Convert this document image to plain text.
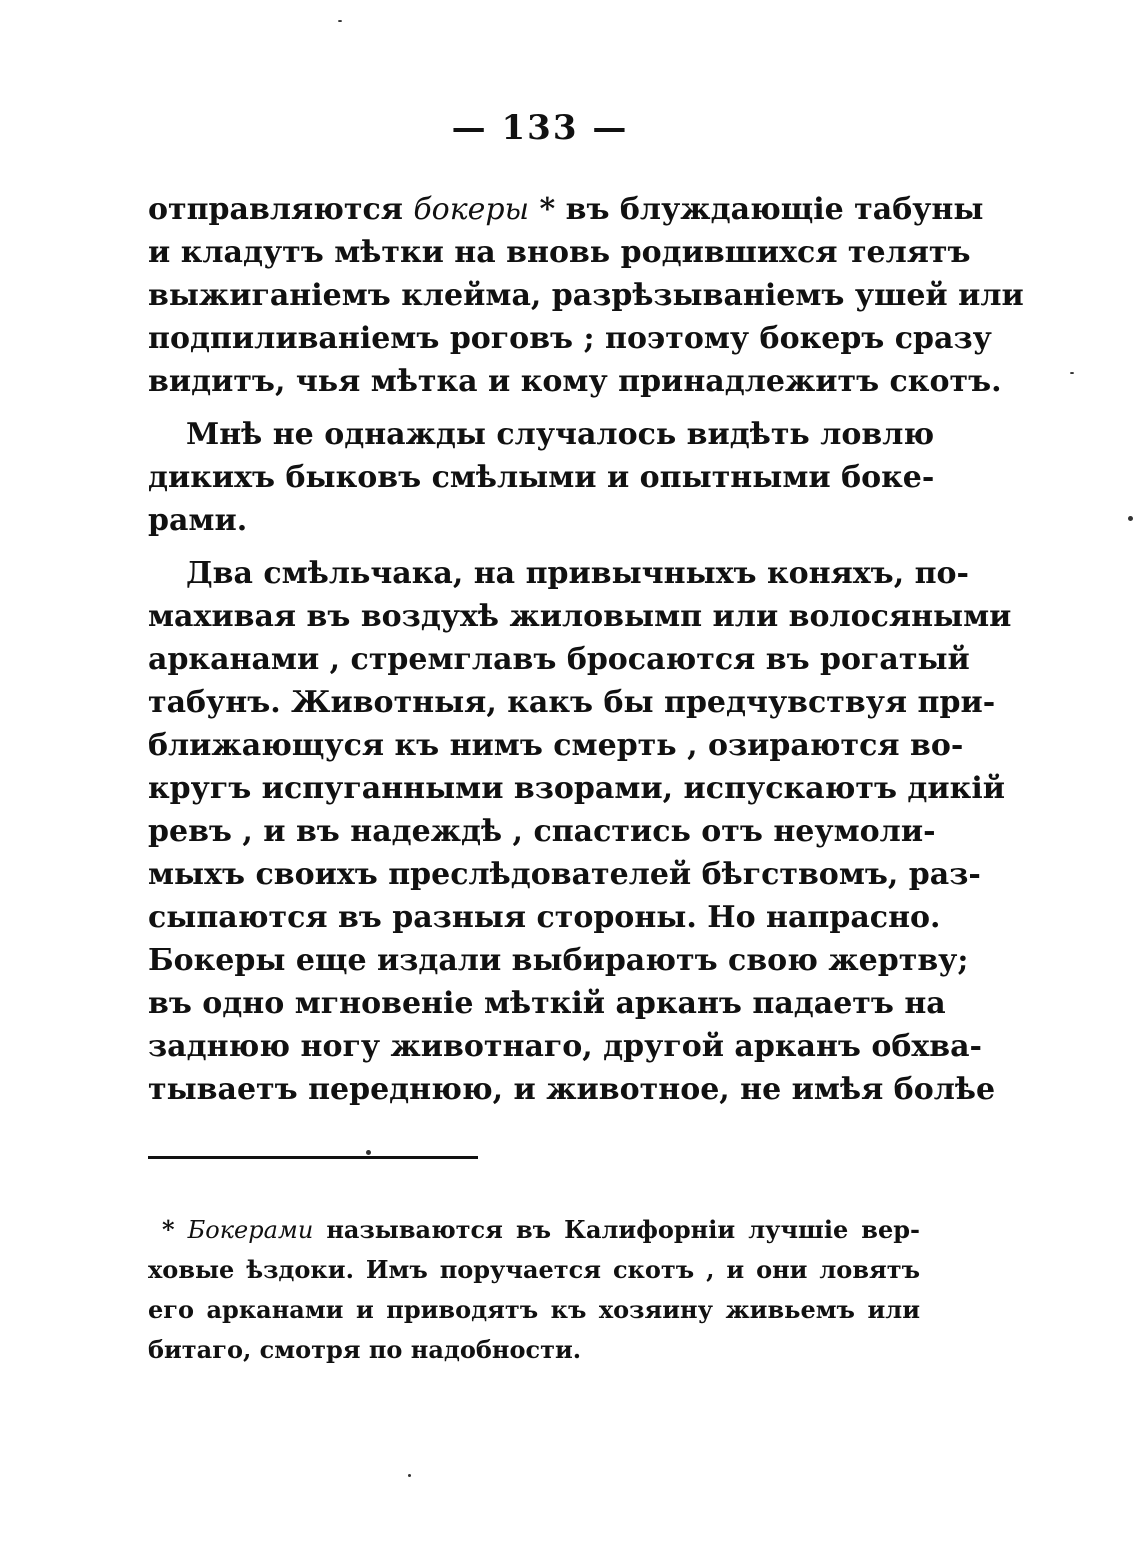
— 133 —
отправляются бокеры * въ блуждающіе табуны
и кладутъ мѣтки на вновь родившихся телятъ
выжиганіемъ клейма, разрѣзываніемъ ушей или
подпиливаніемъ роговъ ; поэтому бокеръ сразу
видитъ, чья мѣтка и кому принадлежитъ скотъ.
Мнѣ не однажды случалось видѣть ловлю
дикихъ быковъ смѣлыми и опытными боке-
рами.
Два смѣльчака, на привычныхъ коняхъ, по-
махивая въ воздухѣ жиловымп или волосяными
арканами , стремглавъ бросаются въ рогатый
табунъ. Животныя, какъ бы предчувствуя при-
ближающуся къ нимъ смерть , озираются во-
кругъ испуганными взорами, испускаютъ дикій
ревъ , и въ надеждѣ , спастись отъ неумоли-
мыхъ своихъ преслѣдователей бѣгствомъ, раз-
сыпаются въ разныя стороны. Но напрасно.
Бокеры еще издали выбираютъ свою жертву;
въ одно мгновеніе мѣткій арканъ падаетъ на
заднюю ногу животнаго, другой арканъ обхва-
тываетъ переднюю, и животное, не имѣя болѣе
* Бокерами называются въ Калифорніи лучшіе вер-
ховые ѣздоки. Имъ поручается скотъ , и они ловятъ
его арканами и приводятъ къ хозяину живьемъ или
битаго, смотря по надобности.
